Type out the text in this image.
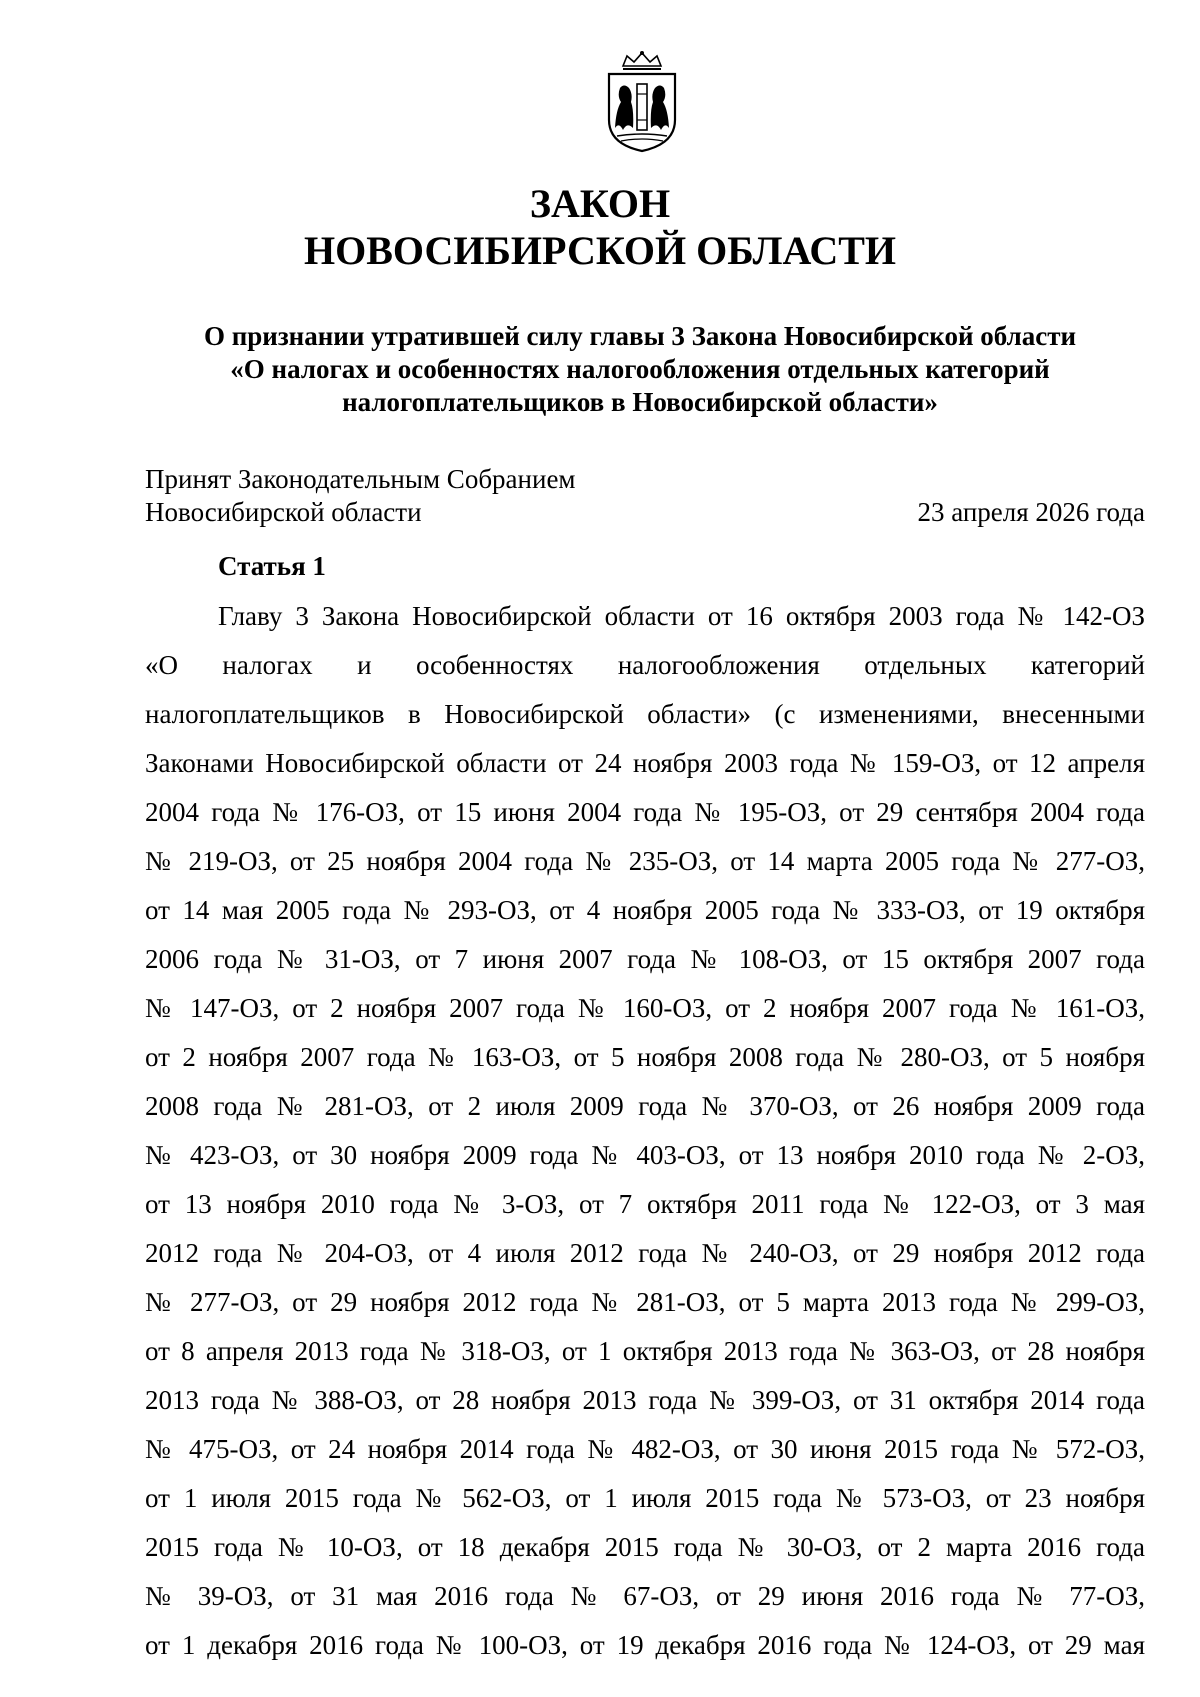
ЗАКОН
НОВОСИБИРСКОЙ ОБЛАСТИ
О признании утратившей силу главы 3 Закона Новосибирской области
«О налогах и особенностях налогообложения отдельных категорий
налогоплательщиков в Новосибирской области»
Принят Законодательным Собранием
Новосибирской области	23 апреля 2026 года
Статья 1
Главу 3 Закона Новосибирской области от 16 октября 2003 года № 142-ОЗ
«О налогах и особенностях налогообложения отдельных категорий
налогоплательщиков в Новосибирской области» (с изменениями, внесенными
Законами Новосибирской области от 24 ноября 2003 года № 159-ОЗ, от 12 апреля
2004 года № 176-ОЗ, от 15 июня 2004 года № 195-ОЗ, от 29 сентября 2004 года
№ 219-ОЗ, от 25 ноября 2004 года № 235-ОЗ, от 14 марта 2005 года № 277-ОЗ,
от 14 мая 2005 года № 293-ОЗ, от 4 ноября 2005 года № 333-ОЗ, от 19 октября
2006 года № 31-ОЗ, от 7 июня 2007 года № 108-ОЗ, от 15 октября 2007 года
№ 147-ОЗ, от 2 ноября 2007 года № 160-ОЗ, от 2 ноября 2007 года № 161-ОЗ,
от 2 ноября 2007 года № 163-ОЗ, от 5 ноября 2008 года № 280-ОЗ, от 5 ноября
2008 года № 281-ОЗ, от 2 июля 2009 года № 370-ОЗ, от 26 ноября 2009 года
№ 423-ОЗ, от 30 ноября 2009 года № 403-ОЗ, от 13 ноября 2010 года № 2-ОЗ,
от 13 ноября 2010 года № 3-ОЗ, от 7 октября 2011 года № 122-ОЗ, от 3 мая
2012 года № 204-ОЗ, от 4 июля 2012 года № 240-ОЗ, от 29 ноября 2012 года
№ 277-ОЗ, от 29 ноября 2012 года № 281-ОЗ, от 5 марта 2013 года № 299-ОЗ,
от 8 апреля 2013 года № 318-ОЗ, от 1 октября 2013 года № 363-ОЗ, от 28 ноября
2013 года № 388-ОЗ, от 28 ноября 2013 года № 399-ОЗ, от 31 октября 2014 года
№ 475-ОЗ, от 24 ноября 2014 года № 482-ОЗ, от 30 июня 2015 года № 572-ОЗ,
от 1 июля 2015 года № 562-ОЗ, от 1 июля 2015 года № 573-ОЗ, от 23 ноября
2015 года № 10-ОЗ, от 18 декабря 2015 года № 30-ОЗ, от 2 марта 2016 года
№ 39-ОЗ, от 31 мая 2016 года № 67-ОЗ, от 29 июня 2016 года № 77-ОЗ,
от 1 декабря 2016 года № 100-ОЗ, от 19 декабря 2016 года № 124-ОЗ, от 29 мая
